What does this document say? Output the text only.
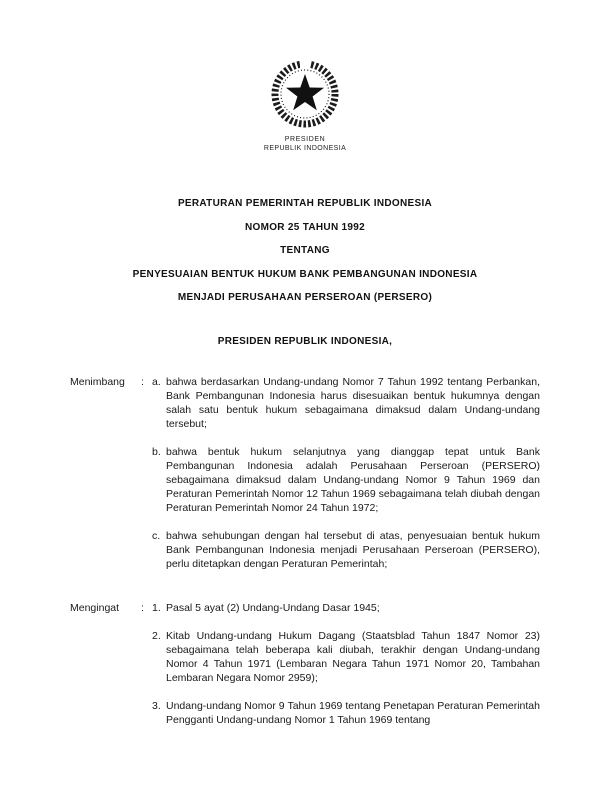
PRESIDEN
REPUBLIK INDONESIA
PERATURAN PEMERINTAH REPUBLIK INDONESIA
NOMOR 25 TAHUN 1992
TENTANG
PENYESUAIAN BENTUK HUKUM BANK PEMBANGUNAN INDONESIA
MENJADI PERUSAHAAN PERSEROAN (PERSERO)
PRESIDEN REPUBLIK INDONESIA,
Menimbang	: a. bahwa berdasarkan Undang-undang Nomor 7 Tahun 1992 tentang Perbankan, Bank Pembangunan Indonesia harus disesuaikan bentuk hukumnya dengan salah satu bentuk hukum sebagaimana dimaksud dalam Undang-undang tersebut;
b. bahwa bentuk hukum selanjutnya yang dianggap tepat untuk Bank Pembangunan Indonesia adalah Perusahaan Perseroan (PERSERO) sebagaimana dimaksud dalam Undang-undang Nomor 9 Tahun 1969 dan Peraturan Pemerintah Nomor 12 Tahun 1969 sebagaimana telah diubah dengan Peraturan Pemerintah Nomor 24 Tahun 1972;
c. bahwa sehubungan dengan hal tersebut di atas, penyesuaian bentuk hukum Bank Pembangunan Indonesia menjadi Perusahaan Perseroan (PERSERO), perlu ditetapkan dengan Peraturan Pemerintah;
Mengingat	: 1. Pasal 5 ayat (2) Undang-Undang Dasar 1945;
2. Kitab Undang-undang Hukum Dagang (Staatsblad Tahun 1847 Nomor 23) sebagaimana telah beberapa kali diubah, terakhir dengan Undang-undang Nomor 4 Tahun 1971 (Lembaran Negara Tahun 1971 Nomor 20, Tambahan Lembaran Negara Nomor 2959);
3. Undang-undang Nomor 9 Tahun 1969 tentang Penetapan Peraturan Pemerintah Pengganti Undang-undang Nomor 1 Tahun 1969 tentang
